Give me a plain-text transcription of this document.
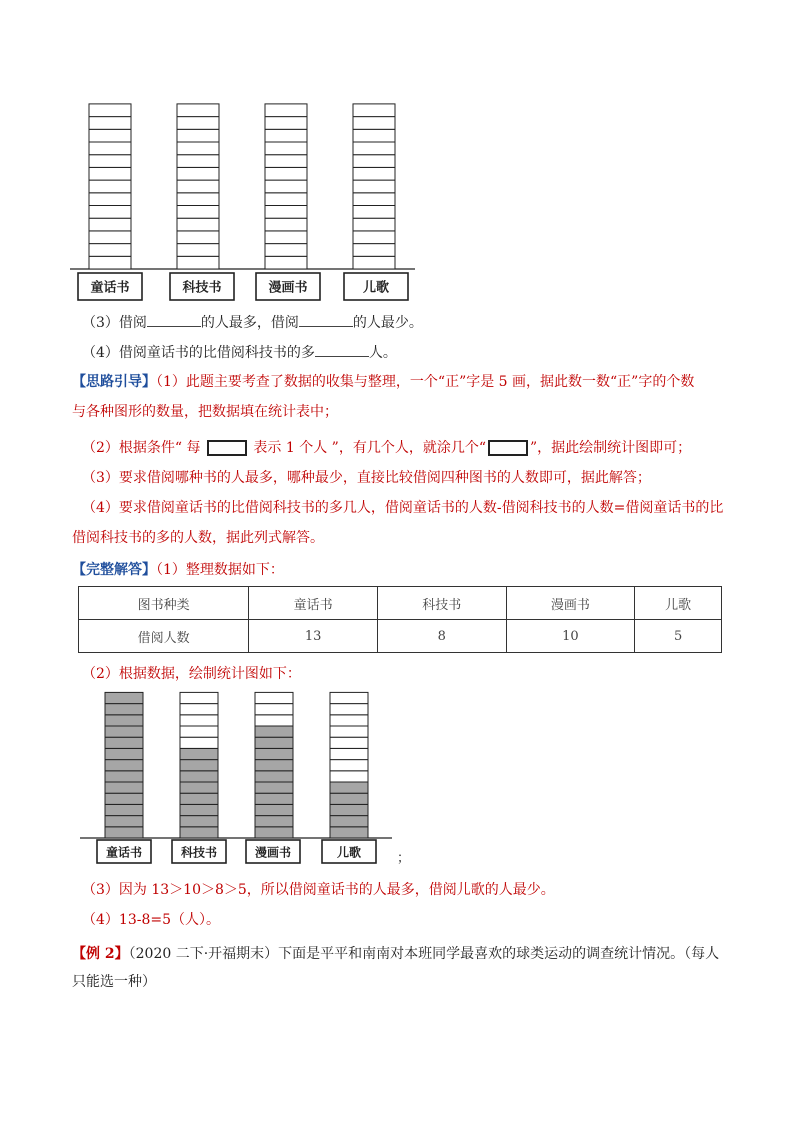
童话书	科技书	漫画书	儿歌
（3）借阅	的人最多，借阅	的人最少。
（4）借阅童话书的比借阅科技书的多	人。
【思路引导】（1）此题主要考查了数据的收集与整理，一个“正”字是 5 画，据此数一数“正”字的个数
与各种图形的数量，把数据填在统计表中；
（2）根据条件“ 每	表示 1 个人 ”，有几个人，就涂几个“	”，据此绘制统计图即可；
（3）要求借阅哪种书的人最多，哪种最少，直接比较借阅四种图书的人数即可，据此解答；
（4）要求借阅童话书的比借阅科技书的多几人，借阅童话书的人数-借阅科技书的人数=借阅童话书的比
借阅科技书的多的人数，据此列式解答。
【完整解答】（1）整理数据如下：
图书种类	童话书	科技书	漫画书	儿歌
借阅人数	13	8	10	5
（2）根据数据，绘制统计图如下：
童话书	科技书	漫画书	儿歌	；
（3）因为 13＞10＞8＞5，所以借阅童话书的人最多，借阅儿歌的人最少。
（4）13-8=5（人）。
【例 2】（2020 二下·开福期末）下面是平平和南南对本班同学最喜欢的球类运动的调查统计情况。（每人
只能选一种）
